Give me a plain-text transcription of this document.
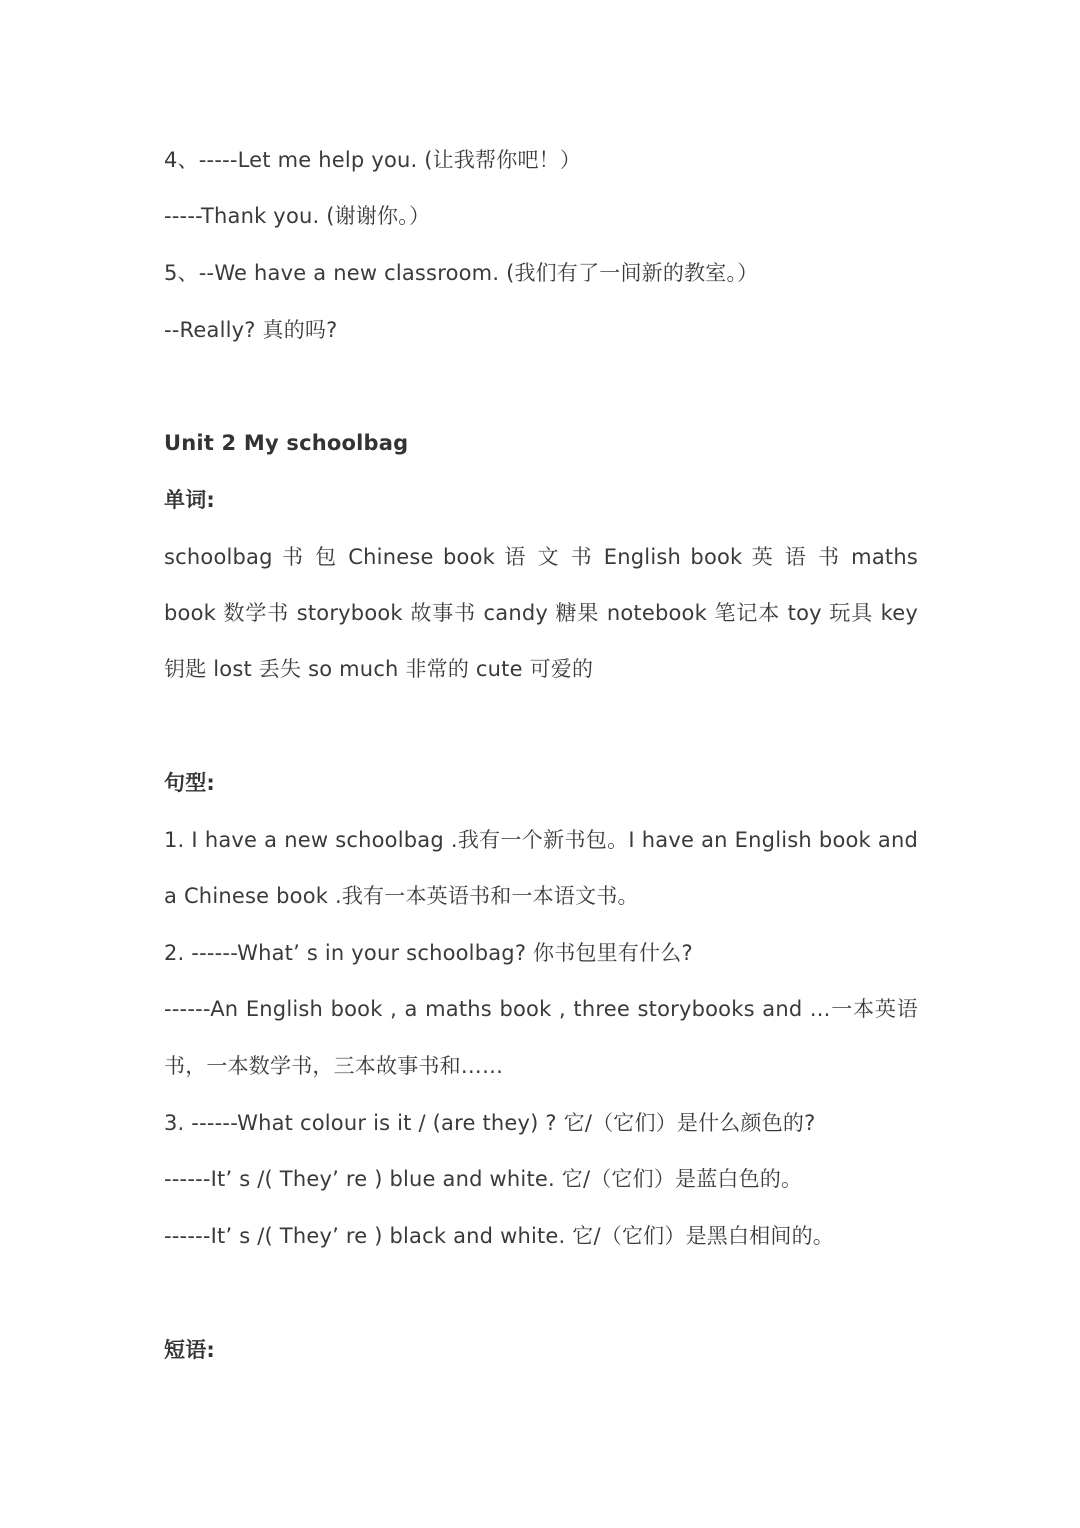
4、-----Let me help you. (让我帮你吧！）
-----Thank you. (谢谢你。）
5、--We have a new classroom. (我们有了一间新的教室。）
--Really? 真的吗?
Unit 2 My schoolbag
单词:
schoolbag 书 包 Chinese book 语 文 书 English book 英 语 书 maths
book 数学书 storybook 故事书 candy 糖果 notebook 笔记本 toy 玩具 key
钥匙 lost 丢失 so much 非常的 cute 可爱的
句型:
1. I have a new schoolbag .我有一个新书包。I have an English book and
a Chinese book .我有一本英语书和一本语文书。
2. ------What’ s in your schoolbag? 你书包里有什么?
------An English book , a maths book , three storybooks and ...一本英语
书，一本数学书，三本故事书和……
3. ------What colour is it / (are they) ? 它/（它们）是什么颜色的?
------It’ s /( They’ re ) blue and white. 它/（它们）是蓝白色的。
------It’ s /( They’ re ) black and white. 它/（它们）是黑白相间的。
短语:
